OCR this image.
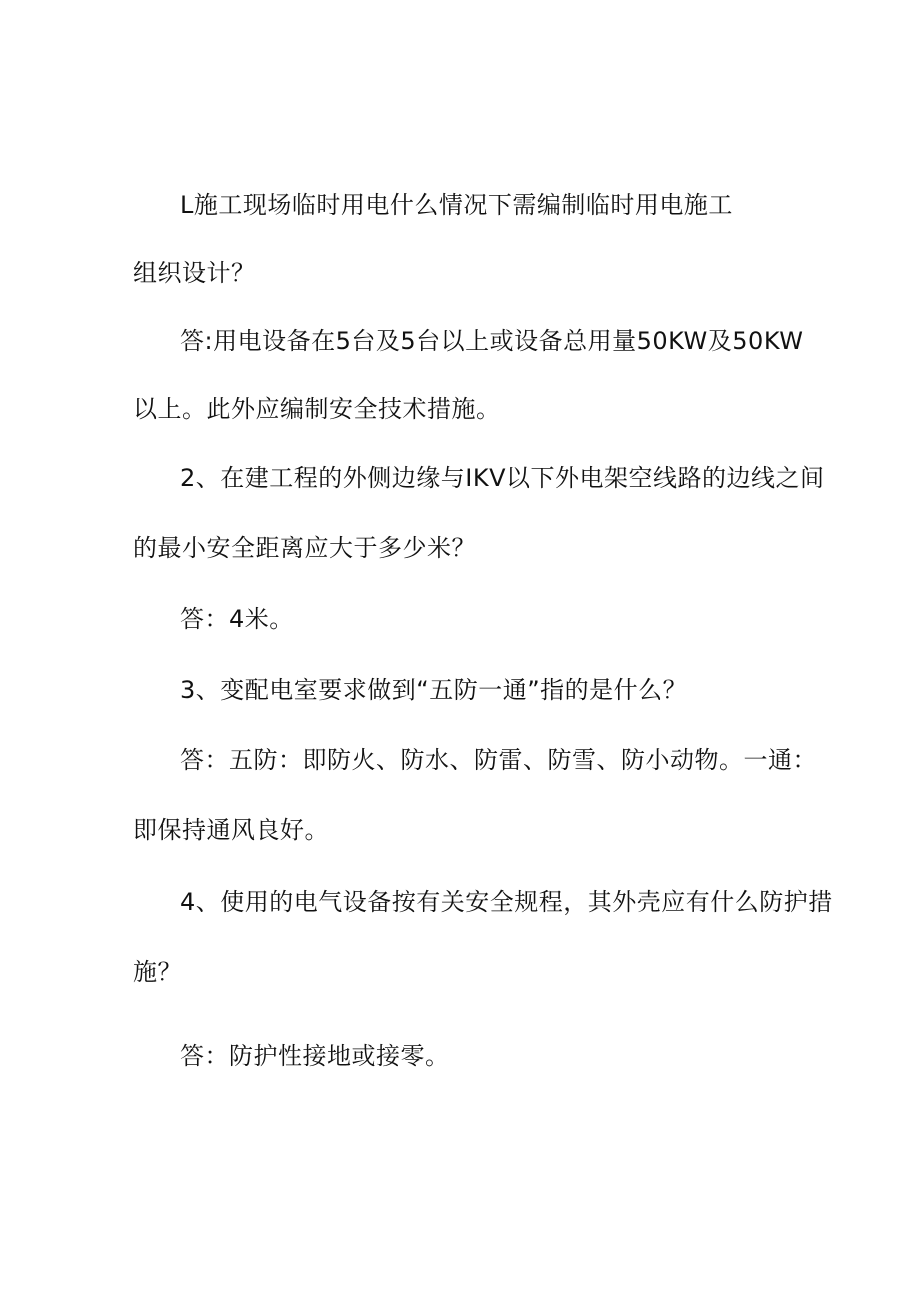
L施工现场临时用电什么情况下需编制临时用电施工
组织设计？
答:用电设备在5台及5台以上或设备总用量50KW及50KW
以上。此外应编制安全技术措施。
2、在建工程的外侧边缘与IKV以下外电架空线路的边线之间
的最小安全距离应大于多少米？
答：4米。
3、变配电室要求做到“五防一通”指的是什么？
答：五防：即防火、防水、防雷、防雪、防小动物。一通：
即保持通风良好。
4、使用的电气设备按有关安全规程，其外壳应有什么防护措
施？
答：防护性接地或接零。
